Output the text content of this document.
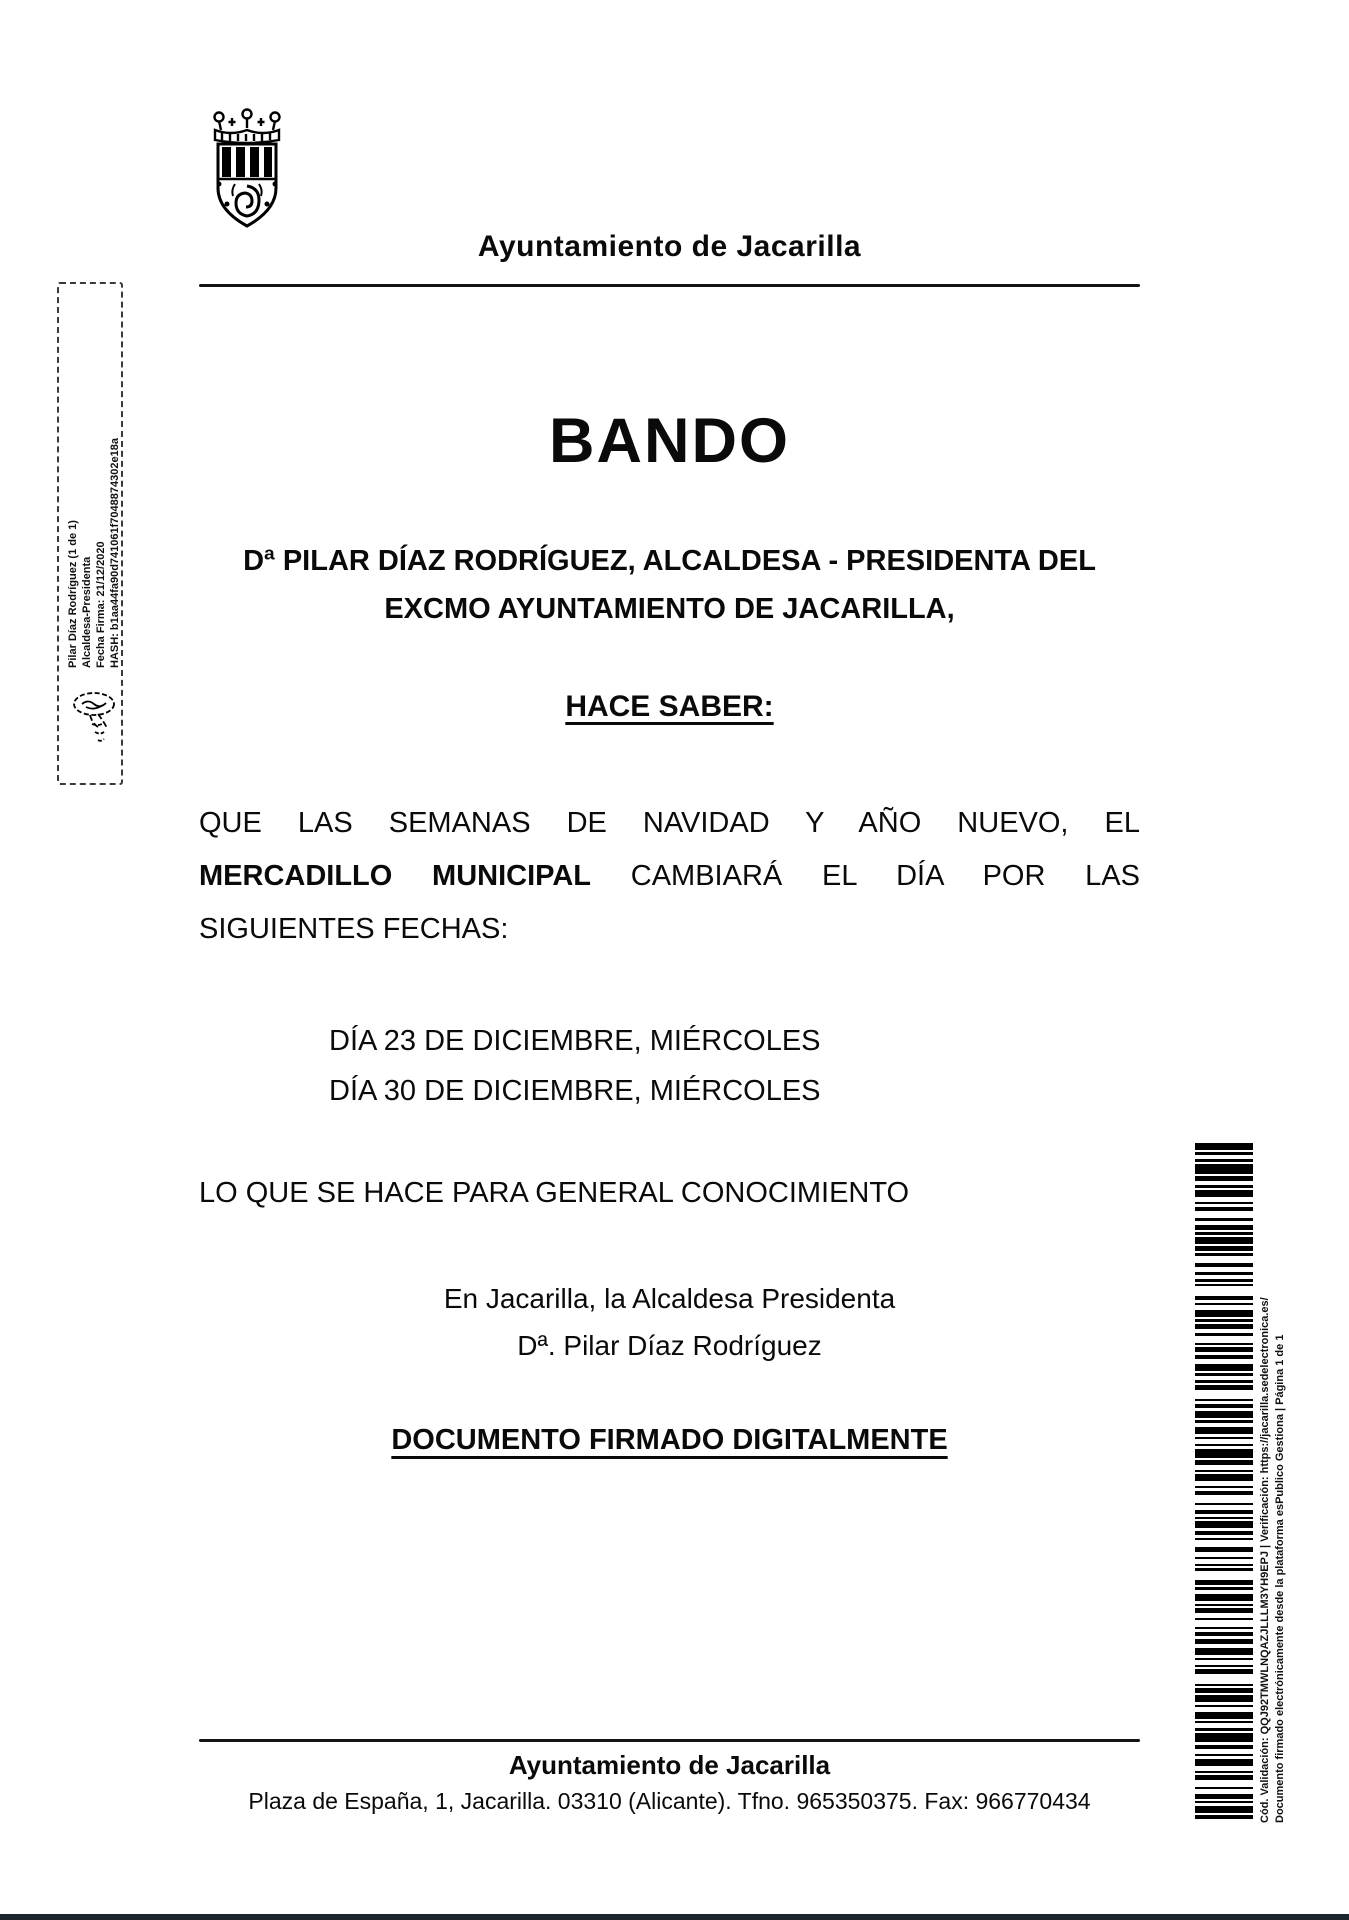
Ayuntamiento de Jacarilla
Pilar Díaz Rodríguez (1 de 1) Alcaldesa-Presidenta Fecha Firma: 21/12/2020 HASH: b1aa44fa90d741061f7048874302e18a	BANDO
Dª PILAR DÍAZ RODRÍGUEZ, ALCALDESA - PRESIDENTA DEL
EXCMO AYUNTAMIENTO DE JACARILLA,
HACE SABER:
QUE LAS SEMANAS DE NAVIDAD Y AÑO NUEVO, EL
MERCADILLO MUNICIPAL CAMBIARÁ EL DÍA POR LAS
SIGUIENTES FECHAS:
DÍA 23 DE DICIEMBRE, MIÉRCOLES
DÍA 30 DE DICIEMBRE, MIÉRCOLES
LO QUE SE HACE PARA GENERAL CONOCIMIENTO
En Jacarilla, la Alcaldesa Presidenta
Dª. Pilar Díaz Rodríguez
DOCUMENTO FIRMADO DIGITALMENTE
Ayuntamiento de Jacarilla
Plaza de España, 1, Jacarilla. 03310 (Alicante). Tfno. 965350375. Fax: 966770434	Cód. Validación: QQJ92TMWLNQAZJLLLM3YH9EPJ | Verificación: https://jacarilla.sedelectronica.es/ Documento firmado electrónicamente desde la plataforma esPublico Gestiona | Página 1 de 1
